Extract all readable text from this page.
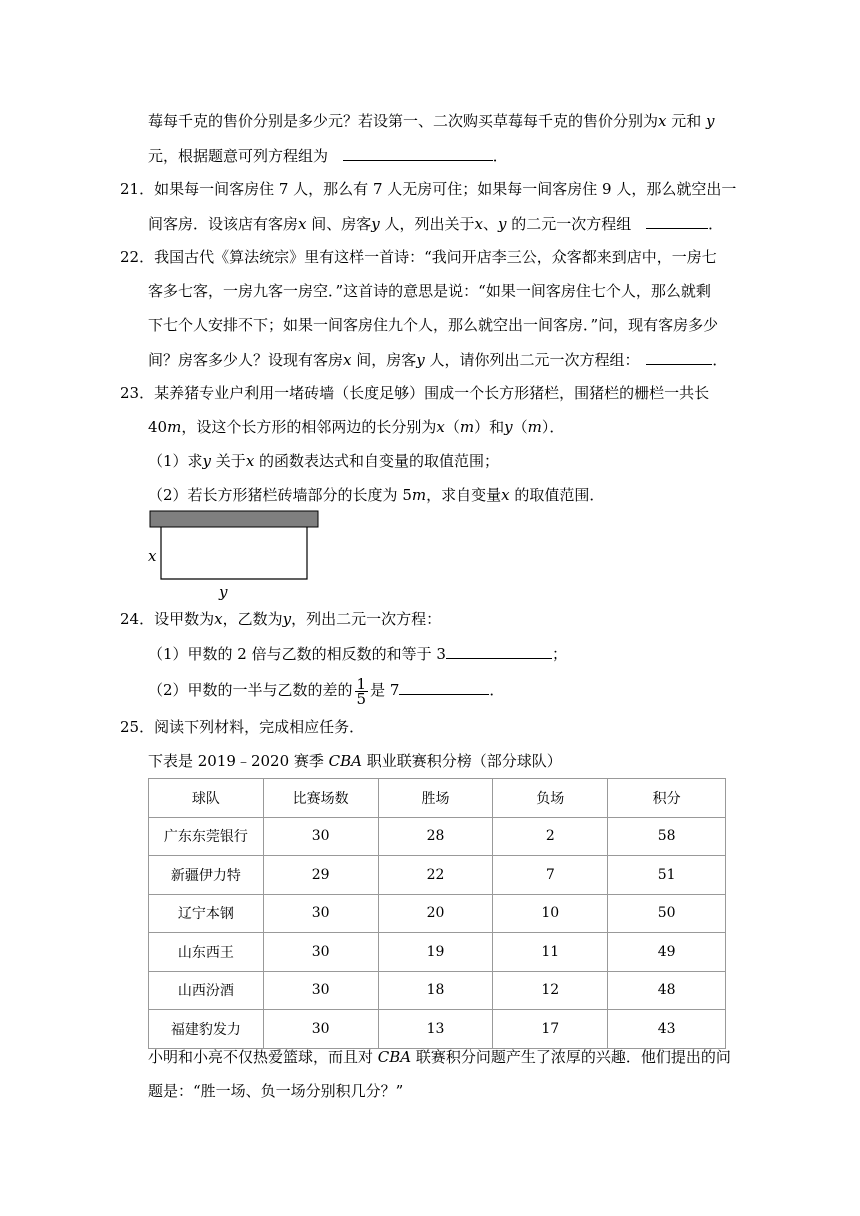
莓每千克的售价分别是多少元？若设第一、二次购买草莓每千克的售价分别为x 元和 y
元，根据题意可列方程组为	．
21．如果每一间客房住 7 人，那么有 7 人无房可住；如果每一间客房住 9 人，那么就空出一
间客房．设该店有客房x 间、房客y 人，列出关于x、y 的二元一次方程组	．
22．我国古代《算法统宗》里有这样一首诗：“我问开店李三公，众客都来到店中，一房七
客多七客，一房九客一房空．”这首诗的意思是说：“如果一间客房住七个人，那么就剩
下七个人安排不下；如果一间客房住九个人，那么就空出一间客房．”问，现有客房多少
间？房客多少人？设现有客房x 间，房客y 人，请你列出二元一次方程组：	．
23．某养猪专业户利用一堵砖墙（长度足够）围成一个长方形猪栏，围猪栏的栅栏一共长
40m，设这个长方形的相邻两边的长分别为x（m）和y（m）．
（1）求y 关于x 的函数表达式和自变量的取值范围；
（2）若长方形猪栏砖墙部分的长度为 5m，求自变量x 的取值范围．
x
y
24．设甲数为x，乙数为y，列出二元一次方程：
（1）甲数的 2 倍与乙数的相反数的和等于 3	；
（2）甲数的一半与乙数的差的 $\frac{1}{5}$ 是 7	．
25．阅读下列材料，完成相应任务．
下表是 2019﹣2020 赛季 CBA 职业联赛积分榜（部分球队）
球队	比赛场数	胜场	负场	积分
广东东莞银行	30	28	2	58
新疆伊力特	29	22	7	51
辽宁本钢	30	20	10	50
山东西王	30	19	11	49
山西汾酒	30	18	12	48
福建豹发力	30	13	17	43
小明和小亮不仅热爱篮球，而且对 CBA 联赛积分问题产生了浓厚的兴趣．他们提出的问
题是：“胜一场、负一场分别积几分？”
